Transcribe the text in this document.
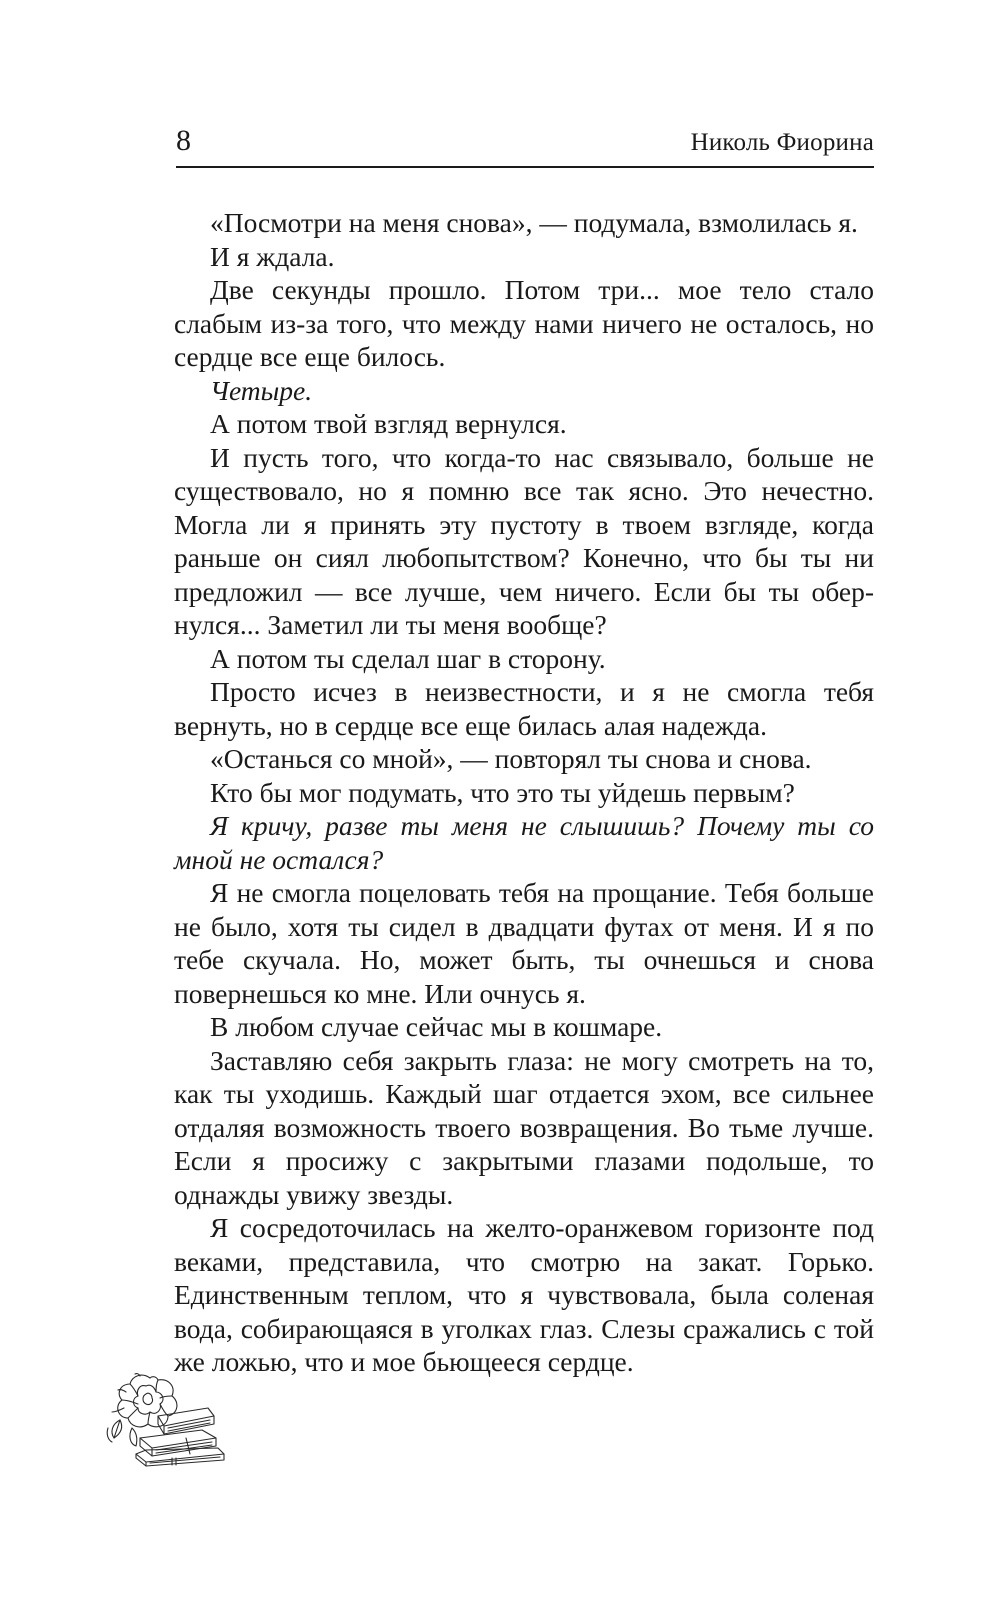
8	Николь Фиорина

«Посмотри на меня снова», — подумала, взмолилась я.

И я ждала.

Две секунды прошло. Потом три... мое тело стало слабым из-за того, что между нами ничего не осталось, но сердце все еще билось.

Четыре.

А потом твой взгляд вернулся.

И пусть того, что когда-то нас связывало, больше не существовало, но я помню все так ясно. Это нечестно. Могла ли я принять эту пустоту в твоем взгляде, когда раньше он сиял любопытством? Конечно, что бы ты ни предложил — все лучше, чем ничего. Если бы ты обернулся... Заметил ли ты меня вообще?

А потом ты сделал шаг в сторону.

Просто исчез в неизвестности, и я не смогла тебя вернуть, но в сердце все еще билась алая надежда.

«Останься со мной», — повторял ты снова и снова.

Кто бы мог подумать, что это ты уйдешь первым?

Я кричу, разве ты меня не слышишь? Почему ты со мной не остался?

Я не смогла поцеловать тебя на прощание. Тебя больше не было, хотя ты сидел в двадцати футах от меня. И я по тебе скучала. Но, может быть, ты очнешься и снова повернешься ко мне. Или очнусь я.

В любом случае сейчас мы в кошмаре.

Заставляю себя закрыть глаза: не могу смотреть на то, как ты уходишь. Каждый шаг отдается эхом, все сильнее отдаляя возможность твоего возвращения. Во тьме лучше. Если я просижу с закрытыми глазами подольше, то однажды увижу звезды.

Я сосредоточилась на желто-оранжевом горизонте под веками, представила, что смотрю на закат. Горько. Единственным теплом, что я чувствовала, была соленая вода, собирающаяся в уголках глаз. Слезы сражались с той же ложью, что и мое бьющееся сердце.
